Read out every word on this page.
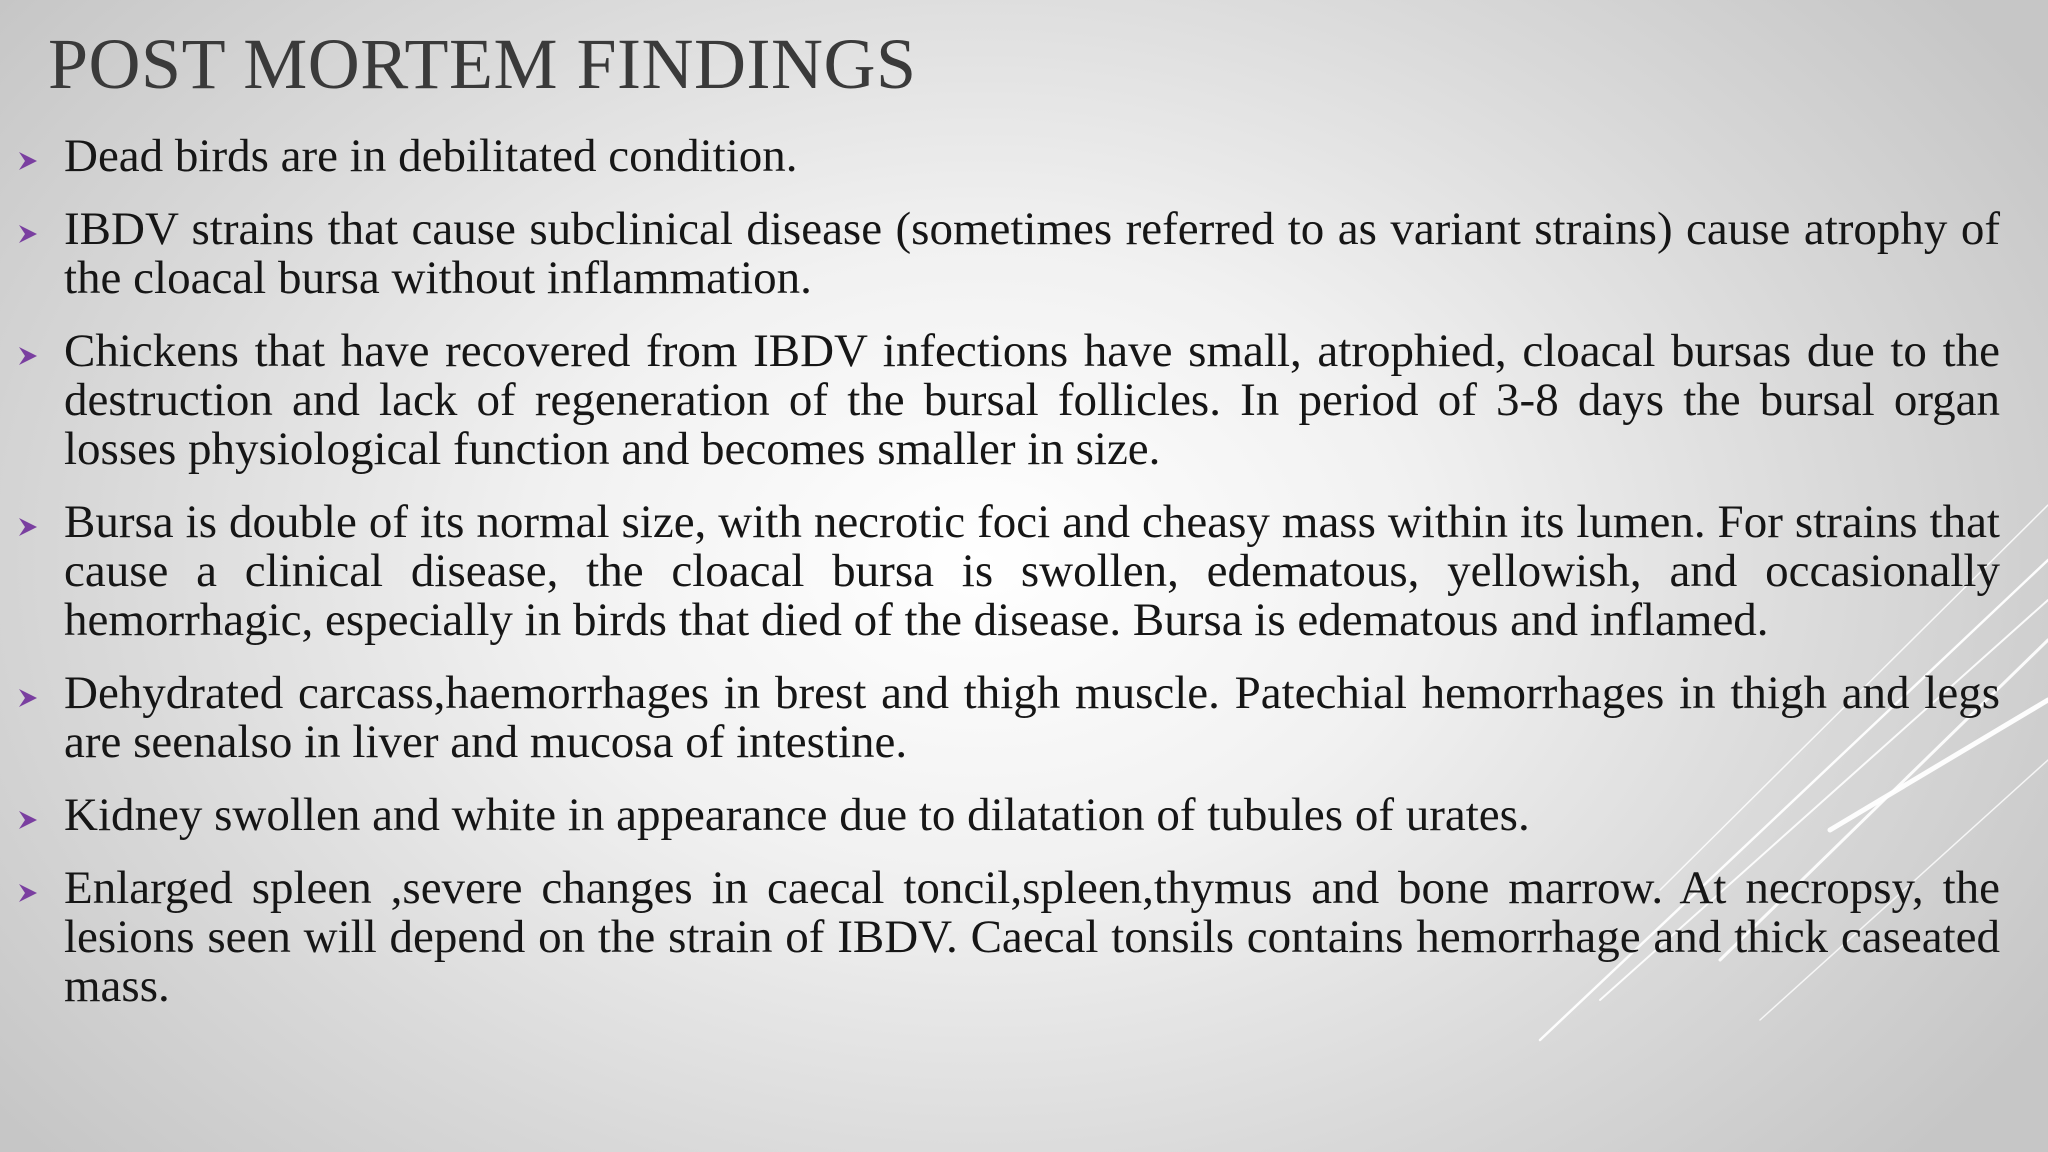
POST MORTEM FINDINGS
Dead birds are in debilitated condition.
IBDV strains that cause subclinical disease (sometimes referred to as variant strains) cause atrophy of the cloacal bursa without inflammation.
Chickens that have recovered from IBDV infections have small, atrophied, cloacal bursas due to the destruction and lack of regeneration of the bursal follicles. In period of 3-8 days the bursal organ losses physiological function and becomes smaller in size.
Bursa is double of its normal size, with necrotic foci and cheasy mass within its lumen. For strains that cause a clinical disease, the cloacal bursa is swollen, edematous, yellowish, and occasionally hemorrhagic, especially in birds that died of the disease. Bursa is edematous and inflamed.
Dehydrated carcass,haemorrhages in brest and thigh muscle. Patechial hemorrhages in thigh and legs are seenalso in liver and mucosa of intestine.
Kidney swollen and white in appearance due to dilatation of tubules of urates.
Enlarged spleen ,severe changes in caecal toncil,spleen,thymus and bone marrow. At necropsy, the lesions seen will depend on the strain of IBDV. Caecal tonsils contains hemorrhage and thick caseated mass.
